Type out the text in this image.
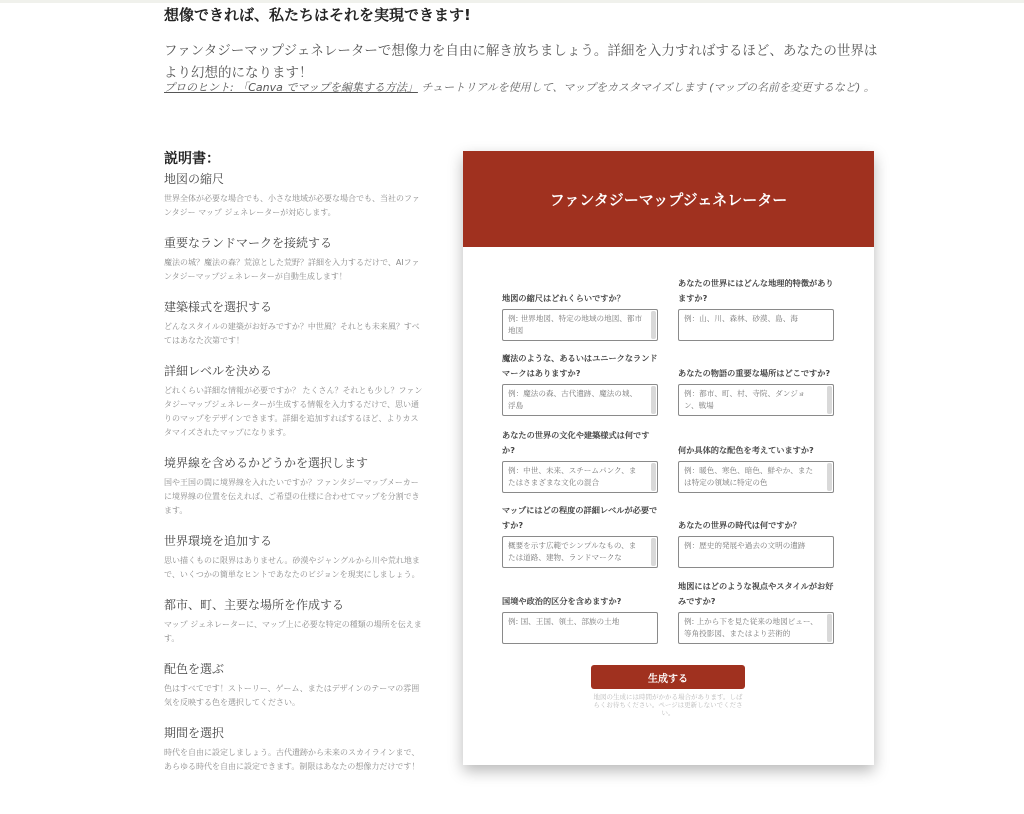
想像できれば、私たちはそれを実現できます!
ファンタジーマップジェネレーターで想像力を自由に解き放ちましょう。詳細を入力すればするほど、あなたの世界はより幻想的になります！
プロのヒント: 「Canva でマップを編集する方法」 チュートリアルを使用して、マップをカスタマイズします (マップの名前を変更するなど) 。
説明書：

地図の縮尺

世界全体が必要な場合でも、小さな地域が必要な場合でも、当社のファンタジー マップ ジェネレーターが対応します。

重要なランドマークを接続する

魔法の城？魔法の森？荒涼とした荒野？詳細を入力するだけで、AIファンタジーマップジェネレーターが自動生成します！

建築様式を選択する

どんなスタイルの建築がお好みですか？中世風？それとも未来風？すべてはあなた次第です！

詳細レベルを決める

どれくらい詳細な情報が必要ですか？ たくさん？それとも少し？ファンタジーマップジェネレーターが生成する情報を入力するだけで、思い通りのマップをデザインできます。詳細を追加すればするほど、よりカスタマイズされたマップになります。

境界線を含めるかどうかを選択します

国や王国の間に境界線を入れたいですか？ファンタジーマップメーカーに境界線の位置を伝えれば、ご希望の仕様に合わせてマップを分割できます。

世界環境を追加する

思い描くものに限界はありません。砂漠やジャングルから川や荒れ地まで、いくつかの簡単なヒントであなたのビジョンを現実にしましょう。

都市、町、主要な場所を作成する

マップ ジェネレーターに、マップ上に必要な特定の種類の場所を伝えます。

配色を選ぶ

色はすべてです！ストーリー、ゲーム、またはデザインのテーマの雰囲気を反映する色を選択してください。

期間を選択

時代を自由に設定しましょう。古代遺跡から未来のスカイラインまで、あらゆる時代を自由に設定できます。制限はあなたの想像力だけです！

ファンタジーマップジェネレーター
地図の縮尺はどれくらいですか？
例: 世界地図、特定の地域の地図、都市地図
あなたの世界にはどんな地理的特徴がありますか?
例：山、川、森林、砂漠、島、海
魔法のような、あるいはユニークなランドマークはありますか?
例：魔法の森、古代遺跡、魔法の城、浮島
あなたの物語の重要な場所はどこですか?
例：都市、町、村、寺院、ダンジョン、戦場
あなたの世界の文化や建築様式は何ですか?
例：中世、未来、スチームパンク、またはさまざまな文化の混合
何か具体的な配色を考えていますか?
例：暖色、寒色、暗色、鮮やか、または特定の領域に特定の色
マップにはどの程度の詳細レベルが必要ですか?
概要を示す広範でシンプルなもの、または道路、建物、ランドマークな
あなたの世界の時代は何ですか？
例：歴史的発展や過去の文明の遺跡
国境や政治的区分を含めますか?
例: 国、王国、領土、部族の土地
地図にはどのような視点やスタイルがお好みですか?
例: 上から下を見た従来の地図ビュー、等角投影図、またはより芸術的
生成する
地図の生成には時間がかかる場合があります。しばらくお待ちください。ページは更新しないでください。
